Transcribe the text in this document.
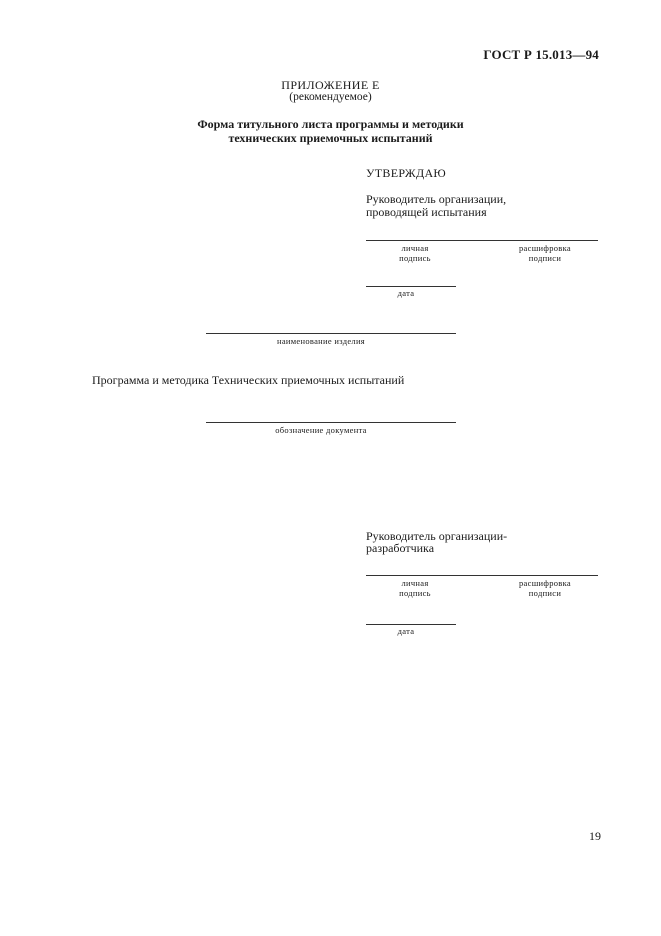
ГОСТ Р 15.013—94
ПРИЛОЖЕНИЕ Е
(рекомендуемое)
Форма титульного листа программы и методики
технических приемочных испытаний
УТВЕРЖДАЮ
Руководитель организации,
проводящей испытания
личная
подпись
расшифровка
подписи
дата
наименование изделия
Программа и методика Технических приемочных испытаний
обозначение документа
Руководитель организации-
разработчика
личная
подпись
расшифровка
подписи
дата
19
